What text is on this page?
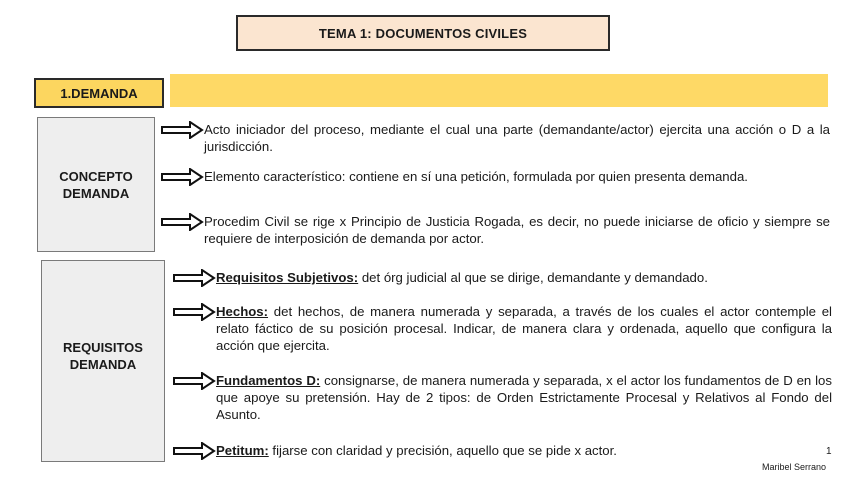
TEMA 1: DOCUMENTOS CIVILES
1.DEMANDA
CONCEPTO
DEMANDA
Acto iniciador del proceso, mediante el cual una parte (demandante/actor) ejercita una acción o D a la jurisdicción.
Elemento característico: contiene en sí una petición, formulada por quien presenta demanda.
Procedim Civil se rige x Principio de Justicia Rogada, es decir, no puede iniciarse de oficio y siempre se requiere de interposición de demanda por actor.
REQUISITOS
DEMANDA
Requisitos Subjetivos: det órg judicial al que se dirige, demandante y demandado.
Hechos: det hechos, de manera numerada y separada, a través de los cuales el actor contemple el relato fáctico de su posición procesal. Indicar, de manera clara y ordenada, aquello que configura la acción que ejercita.
Fundamentos D: consignarse, de manera numerada y separada, x el actor los fundamentos de D en los que apoye su pretensión. Hay de 2 tipos: de Orden Estrictamente Procesal y Relativos al Fondo del Asunto.
Petitum: fijarse con claridad y precisión, aquello que se pide x actor.	1
Maribel Serrano
